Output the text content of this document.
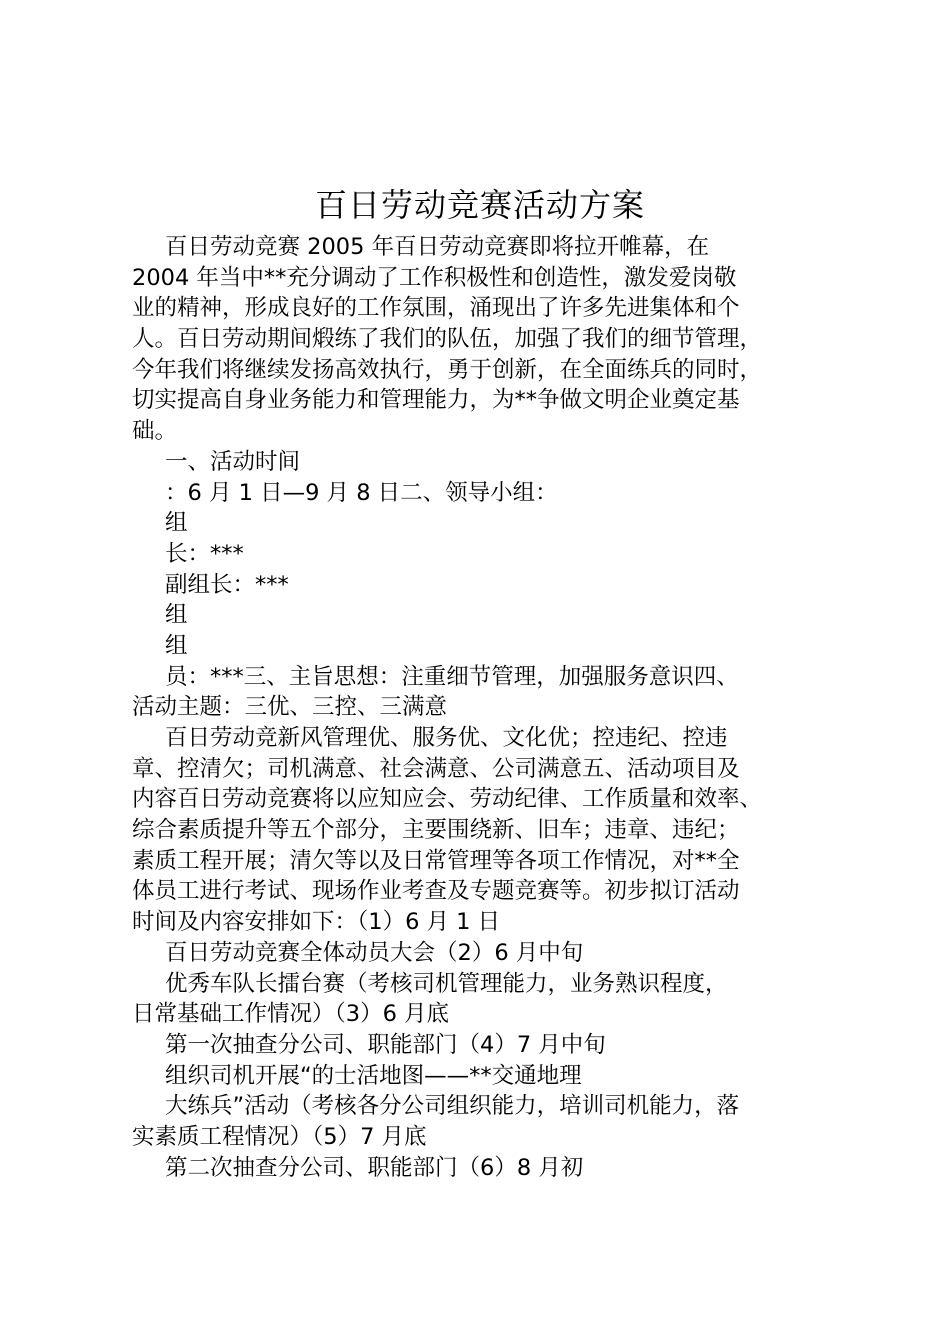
百日劳动竞赛活动方案
百日劳动竞赛 2005 年百日劳动竞赛即将拉开帷幕，在
2004 年当中**充分调动了工作积极性和创造性，激发爱岗敬
业的精神，形成良好的工作氛围，涌现出了许多先进集体和个
人。百日劳动期间煅练了我们的队伍，加强了我们的细节管理，
今年我们将继续发扬高效执行，勇于创新，在全面练兵的同时，
切实提高自身业务能力和管理能力，为**争做文明企业奠定基
础。
一、活动时间
：6 月 1 日—9 月 8 日二、领导小组：
组
长：***
副组长：***
组
组
员：***三、主旨思想：注重细节管理，加强服务意识四、
活动主题：三优、三控、三满意
百日劳动竞新风管理优、服务优、文化优；控违纪、控违
章、控清欠；司机满意、社会满意、公司满意五、活动项目及
内容百日劳动竞赛将以应知应会、劳动纪律、工作质量和效率、
综合素质提升等五个部分，主要围绕新、旧车；违章、违纪；
素质工程开展；清欠等以及日常管理等各项工作情况，对**全
体员工进行考试、现场作业考查及专题竞赛等。初步拟订活动
时间及内容安排如下：（1）6 月 1 日
百日劳动竞赛全体动员大会（2）6 月中旬
优秀车队长擂台赛（考核司机管理能力，业务熟识程度，
日常基础工作情况）（3）6 月底
第一次抽查分公司、职能部门（4）7 月中旬
组织司机开展“的士活地图——**交通地理
大练兵”活动（考核各分公司组织能力，培训司机能力，落
实素质工程情况）（5）7 月底
第二次抽查分公司、职能部门（6）8 月初
